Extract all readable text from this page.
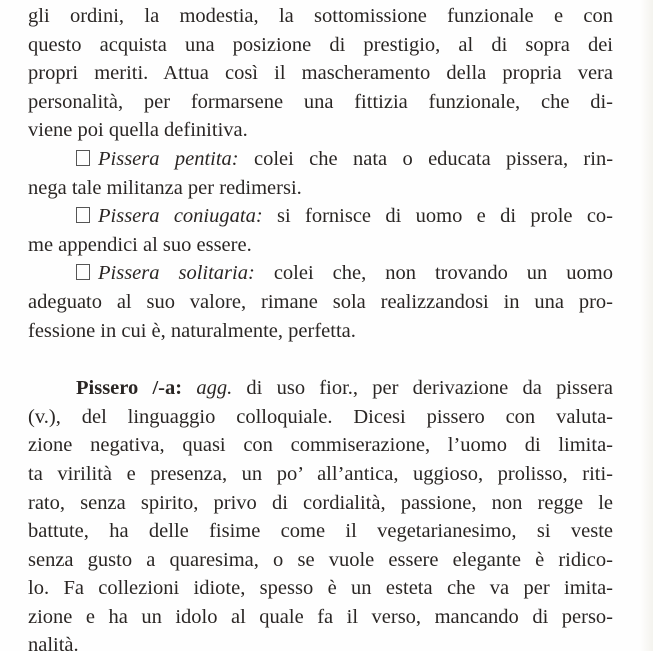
gli ordini, la modestia, la sottomissione funzionale e con
questo acquista una posizione di prestigio, al di sopra dei
propri meriti. Attua così il mascheramento della propria vera
personalità, per formarsene una fittizia funzionale, che di-
viene poi quella definitiva.
Pissera pentita: colei che nata o educata pissera, rin-
nega tale militanza per redimersi.
Pissera coniugata: si fornisce di uomo e di prole co-
me appendici al suo essere.
Pissera solitaria: colei che, non trovando un uomo
adeguato al suo valore, rimane sola realizzandosi in una pro-
fessione in cui è, naturalmente, perfetta.
Pissero /-a: agg. di uso fior., per derivazione da pissera
(v.), del linguaggio colloquiale. Dicesi pissero con valuta-
zione negativa, quasi con commiserazione, l’uomo di limita-
ta virilità e presenza, un po’ all’antica, uggioso, prolisso, riti-
rato, senza spirito, privo di cordialità, passione, non regge le
battute, ha delle fisime come il vegetarianesimo, si veste
senza gusto a quaresima, o se vuole essere elegante è ridico-
lo. Fa collezioni idiote, spesso è un esteta che va per imita-
zione e ha un idolo al quale fa il verso, mancando di perso-
nalità.
